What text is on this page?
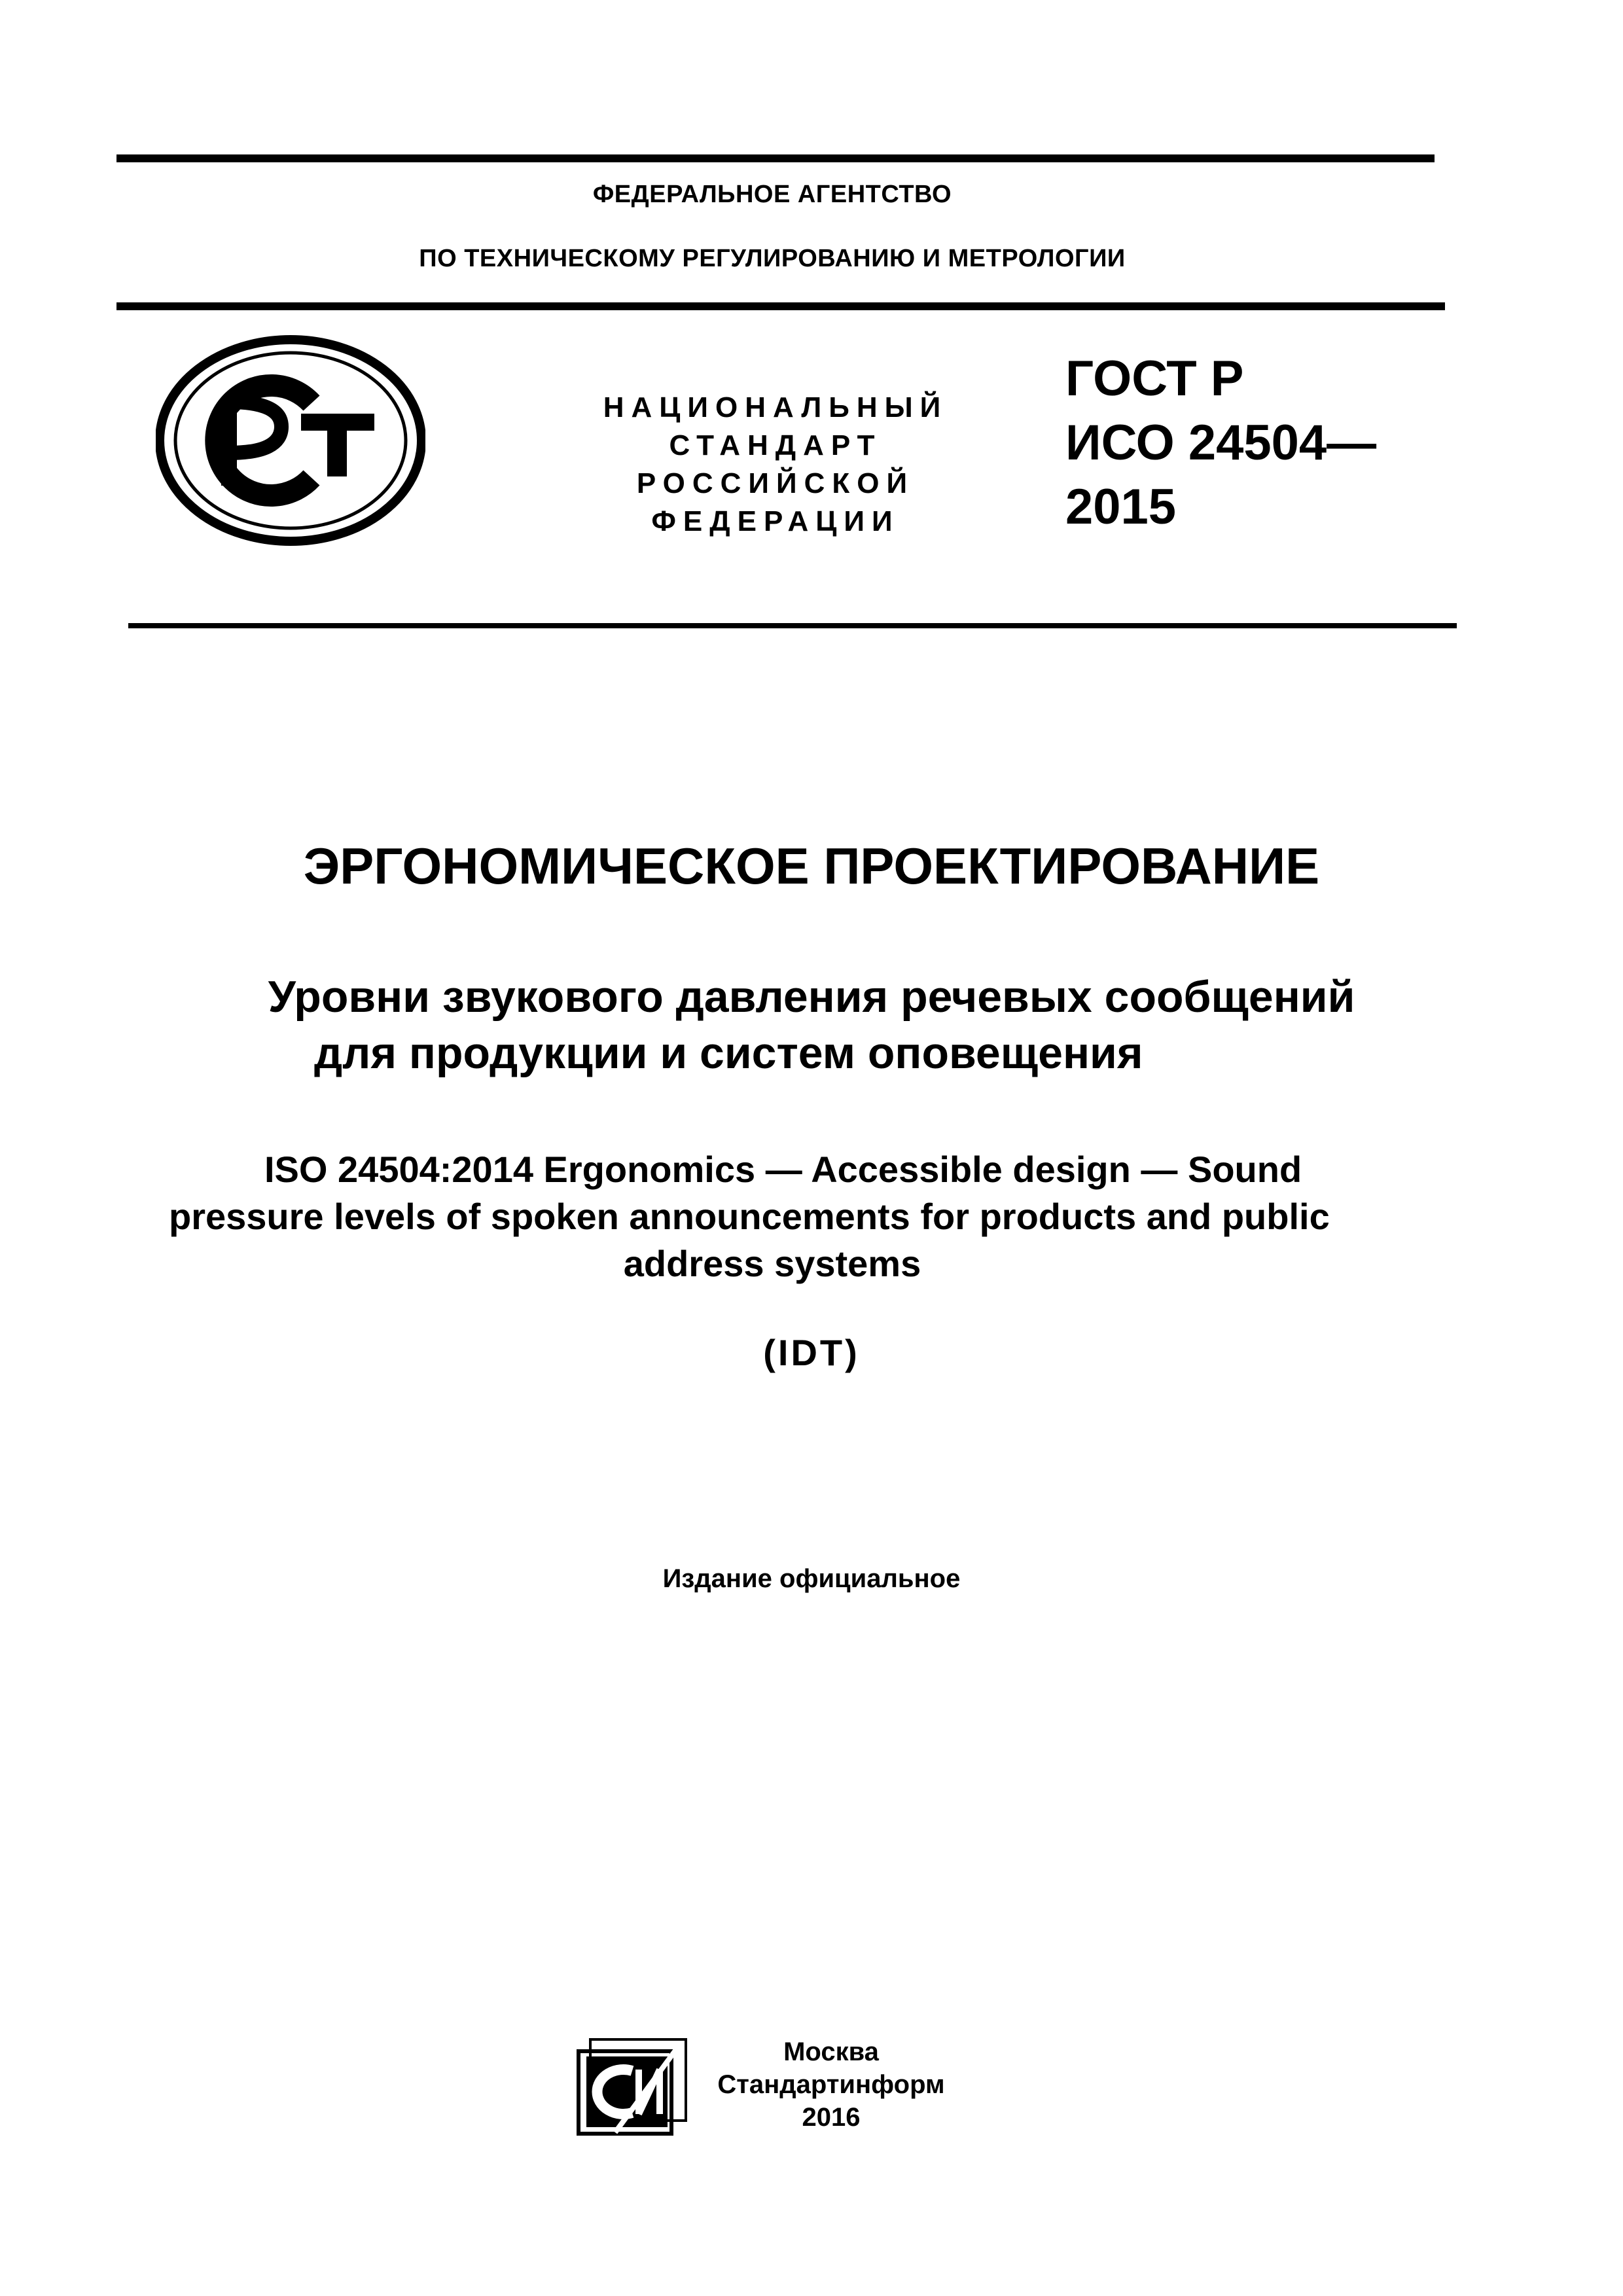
ФЕДЕРАЛЬНОЕ АГЕНТСТВО
ПО ТЕХНИЧЕСКОМУ РЕГУЛИРОВАНИЮ И МЕТРОЛОГИИ
РСТ
НАЦИОНАЛЬНЫЙ
СТАНДАРТ
РОССИЙСКОЙ
ФЕДЕРАЦИИ
ГОСТ Р
ИСО 24504—
2015
ЭРГОНОМИЧЕСКОЕ ПРОЕКТИРОВАНИЕ
Уровни звукового давления речевых сообщений
для продукции и систем оповещения
ISO 24504:2014 Ergonomics — Accessible design — Sound
pressure levels of spoken announcements for products and public
address systems
(IDT)
Издание официальное
СИ
Москва
Стандартинформ
2016
